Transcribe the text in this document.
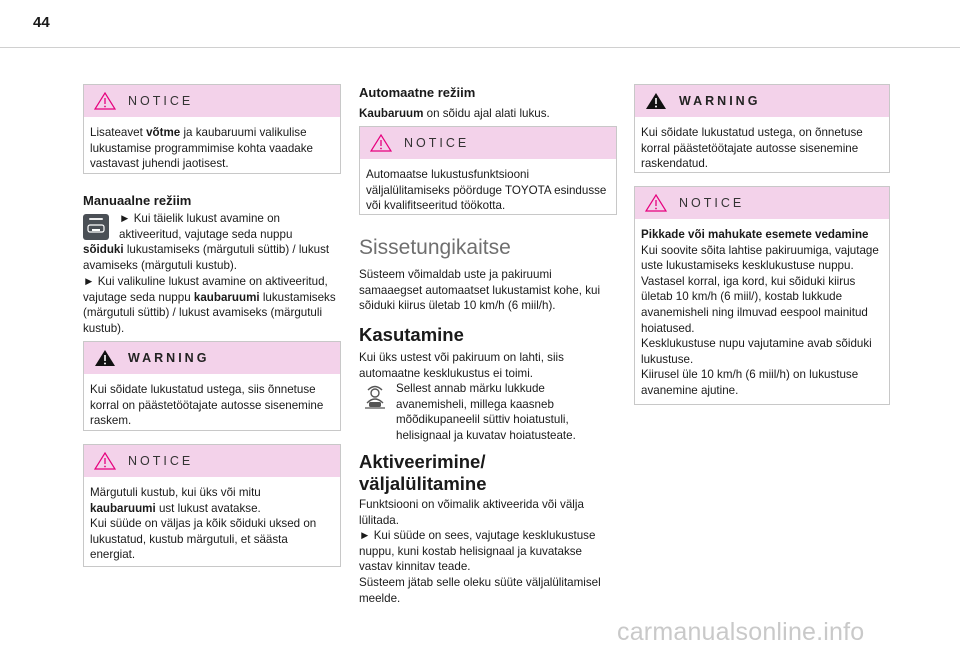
44
NOTICE
Lisateavet võtme ja kaubaruumi valikulise lukustamise programmimise kohta vaadake vastavast juhendi jaotisest.
Manuaalne režiim
► Kui täielik lukust avamine on aktiveeritud, vajutage seda nuppu
sõiduki lukustamiseks (märgutuli süttib) / lukust avamiseks (märgutuli kustub).
► Kui valikuline lukust avamine on aktiveeritud, vajutage seda nuppu kaubaruumi lukustamiseks (märgutuli süttib) / lukust avamiseks (märgutuli kustub).
WARNING
Kui sõidate lukustatud ustega, siis õnnetuse korral on päästetöötajate autosse sisenemine raskem.
NOTICE
Märgutuli kustub, kui üks või mitu
kaubaruumi ust lukust avatakse.
Kui süüde on väljas ja kõik sõiduki uksed on lukustatud, kustub märgutuli, et säästa energiat.
Automaatne režiim
Kaubaruum on sõidu ajal alati lukus.
NOTICE
Automaatse lukustusfunktsiooni väljalülitamiseks pöörduge TOYOTA esindusse või kvalifitseeritud töökotta.
Sissetungikaitse
Süsteem võimaldab uste ja pakiruumi samaaegset automaatset lukustamist kohe, kui sõiduki kiirus ületab 10 km/h (6 miil/h).
Kasutamine
Kui üks ustest või pakiruum on lahti, siis automaatne kesklukustus ei toimi.
Sellest annab märku lukkude avanemisheli, millega kaasneb mõõdikupaneelil süttiv hoiatustuli, helisignaal ja kuvatav hoiatusteate.
Aktiveerimine/
väljalülitamine
Funktsiooni on võimalik aktiveerida või välja lülitada.
► Kui süüde on sees, vajutage kesklukustuse nuppu, kuni kostab helisignaal ja kuvatakse vastav kinnitav teade.
Süsteem jätab selle oleku süüte väljalülitamisel meelde.
WARNING
Kui sõidate lukustatud ustega, on õnnetuse korral päästetöötajate autosse sisenemine raskendatud.
NOTICE
Pikkade või mahukate esemete vedamine
Kui soovite sõita lahtise pakiruumiga, vajutage uste lukustamiseks kesklukustuse nuppu. Vastasel korral, iga kord, kui sõiduki kiirus ületab 10 km/h (6 miil/), kostab lukkude avanemisheli ning ilmuvad eespool mainitud hoiatused.
Kesklukustuse nupu vajutamine avab sõiduki lukustuse.
Kiirusel üle 10 km/h (6 miil/h) on lukustuse avanemine ajutine.
carmanualsonline.info
